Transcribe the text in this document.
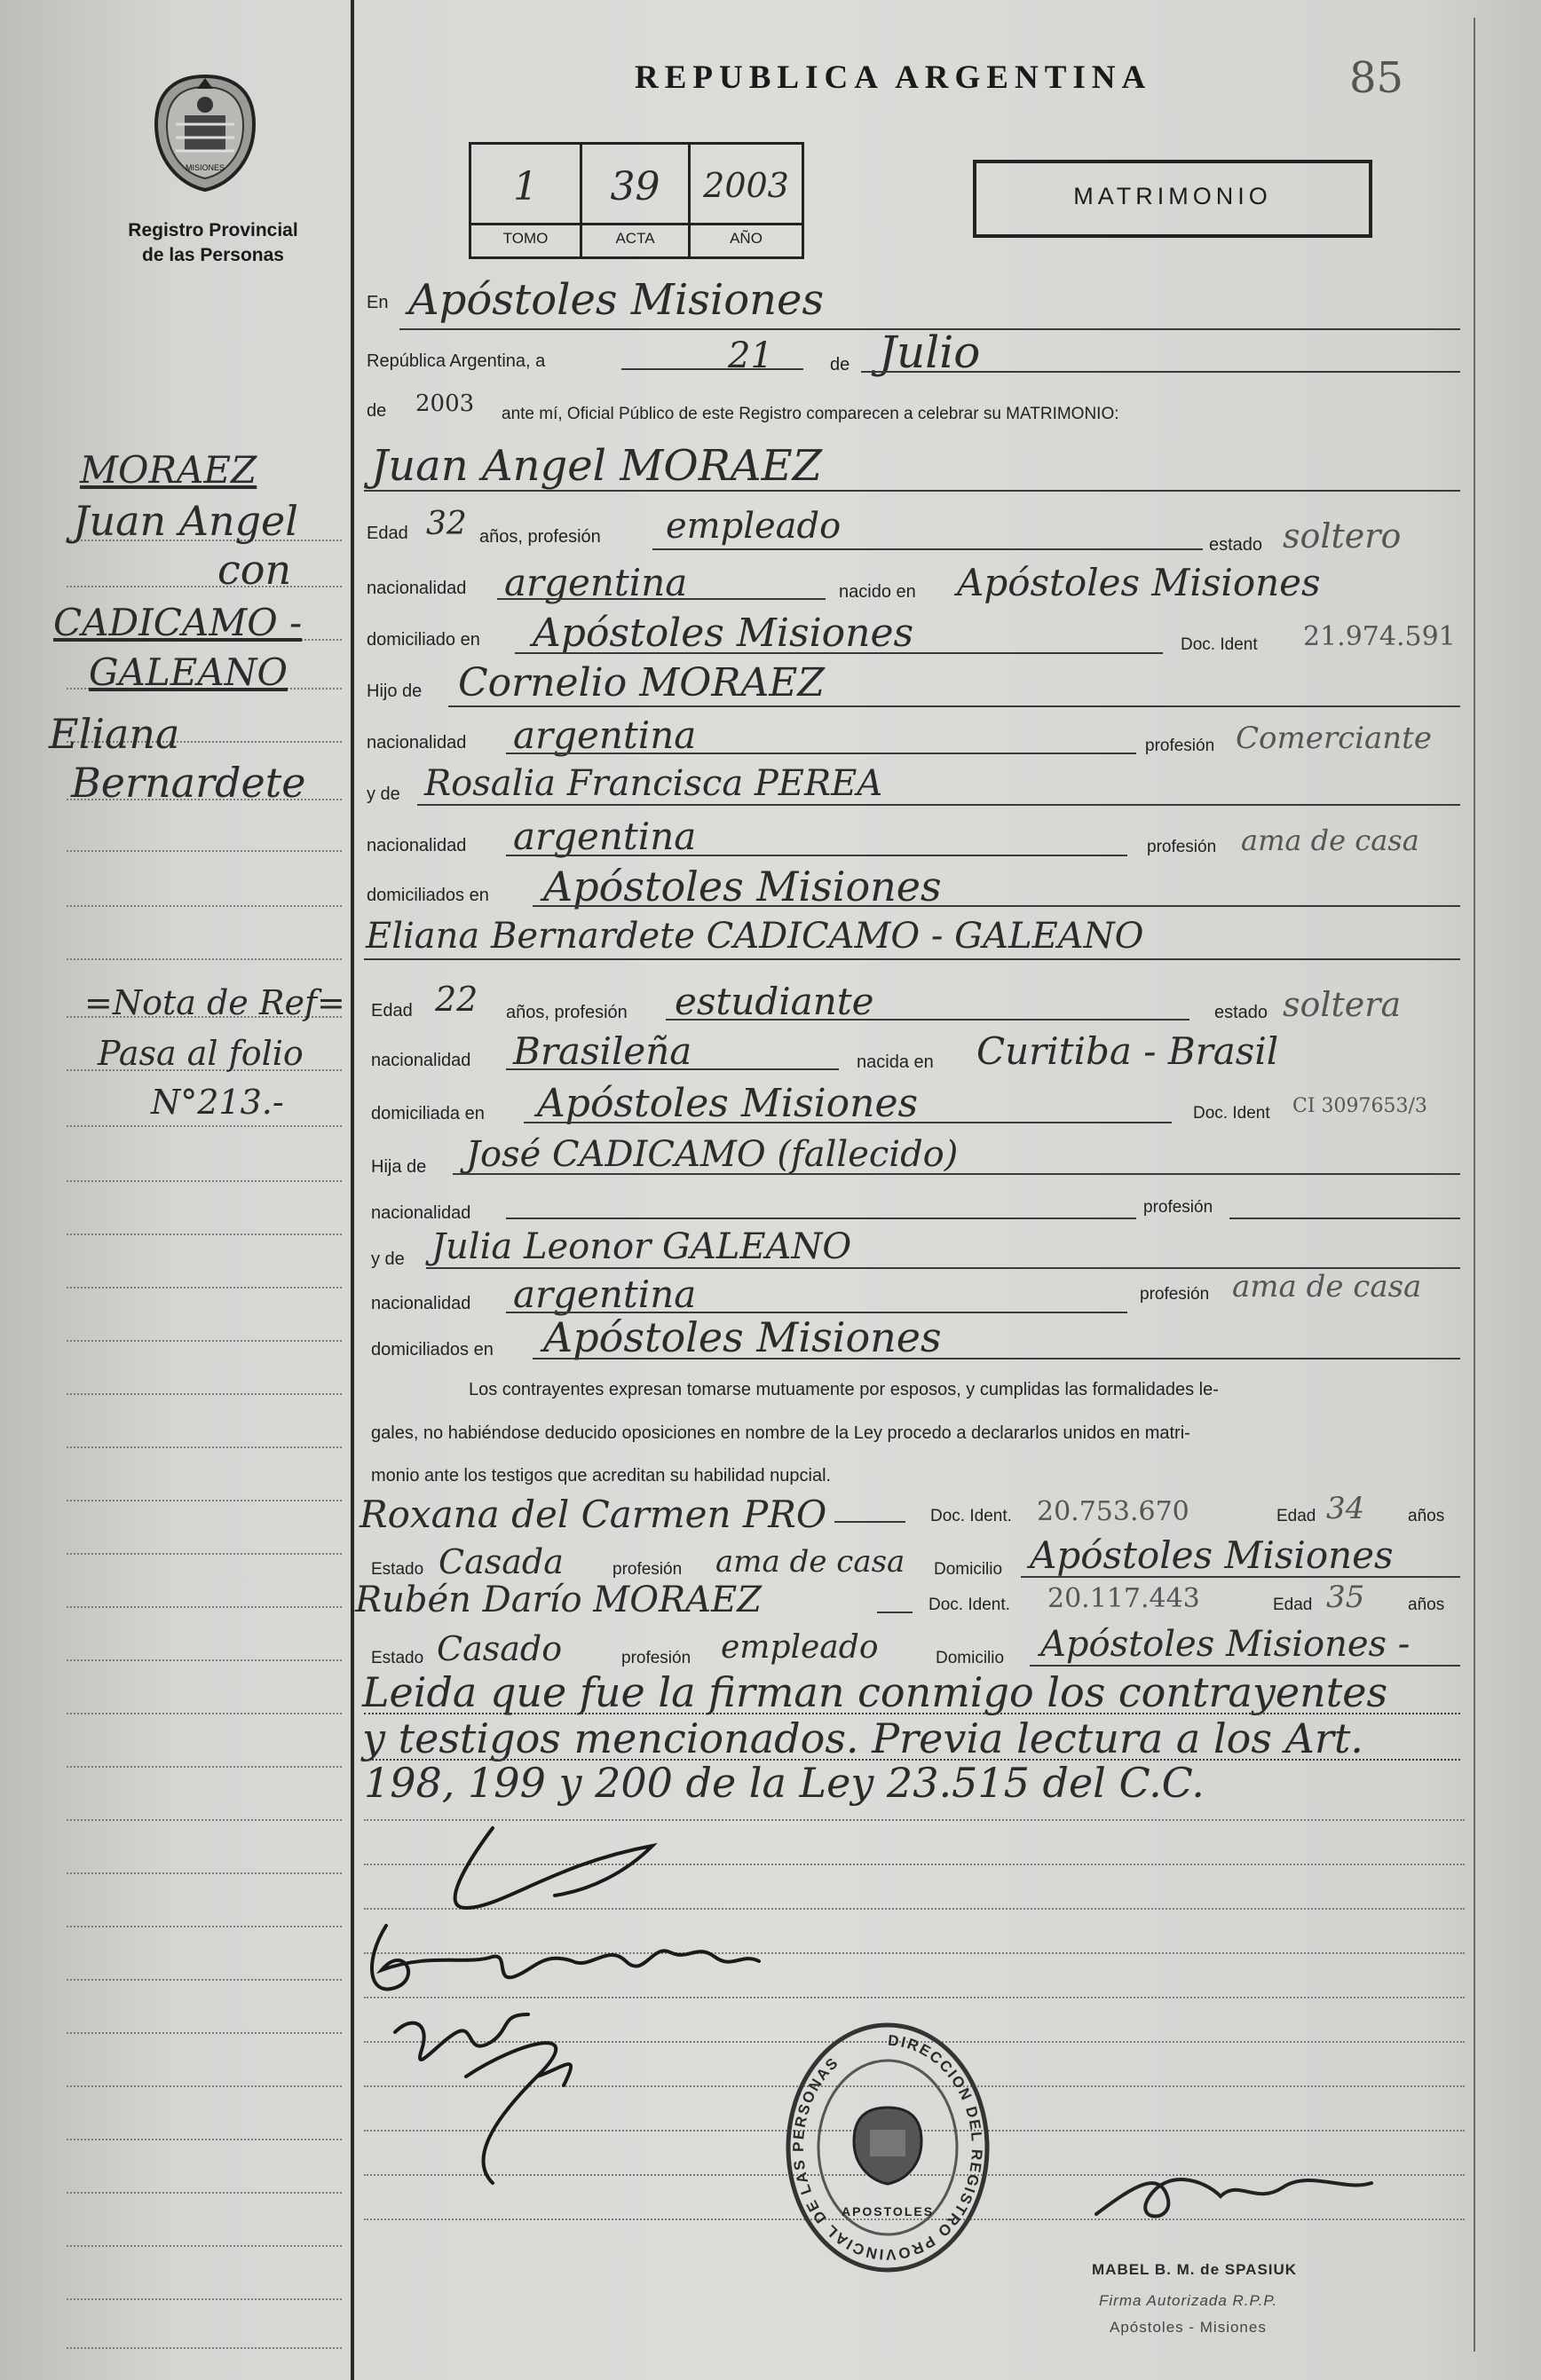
MISIONES
Registro Provincial
de las Personas
REPUBLICA ARGENTINA	85
1	39	2003
TOMO	ACTA	AÑO
MATRIMONIO
MORAEZ
Juan Angel
con
CADICAMO -
GALEANO
Eliana
Bernardete
=Nota de Ref=
Pasa al folio
N°213.-
En Apóstoles Misiones
República Argentina, a	21	de Julio
de 2003 ante mí, Oficial Público de este Registro comparecen a celebrar su MATRIMONIO:
Juan Angel MORAEZ
Edad 32 años, profesión empleado	estado soltero
nacionalidad argentina	nacido en Apóstoles Misiones
domiciliado en Apóstoles Misiones	Doc. Ident 21.974.591
Hijo de Cornelio MORAEZ
nacionalidad argentina	profesión Comerciante
y de Rosalia Francisca PEREA
nacionalidad argentina	profesión ama de casa
domiciliados en Apóstoles Misiones
Eliana Bernardete CADICAMO - GALEANO
Edad 22 años, profesión estudiante	estado soltera
nacionalidad Brasileña	nacida en Curitiba - Brasil
domiciliada en Apóstoles Misiones	Doc. Ident CI 3097653/3
Hija de José CADICAMO (fallecido)
nacionalidad	profesión
y de Julia Leonor GALEANO
nacionalidad argentina	profesión ama de casa
domiciliados en Apóstoles Misiones
Los contrayentes expresan tomarse mutuamente por esposos, y cumplidas las formalidades le-
gales, no habiéndose deducido oposiciones en nombre de la Ley procedo a declararlos unidos en matri-
monio ante los testigos que acreditan su habilidad nupcial.
Roxana del Carmen PRO	Doc. Ident. 20.753.670	Edad 34	años
Estado Casada	profesión ama de casa Domicilio Apóstoles Misiones
Rubén Darío MORAEZ	Doc. Ident. 20.117.443	Edad 35	años
Estado Casado	profesión empleado	Domicilio Apóstoles Misiones -
Leida que fue la firman conmigo los contrayentes
y testigos mencionados. Previa lectura a los Art.
198, 199 y 200 de la Ley 23.515 del C.C.
DIRECCION DEL REGISTRO PROVINCIAL DE LAS PERSONAS
APOSTOLES
MABEL B. M. de SPASIUK
Firma Autorizada R.P.P.
Apóstoles - Misiones
